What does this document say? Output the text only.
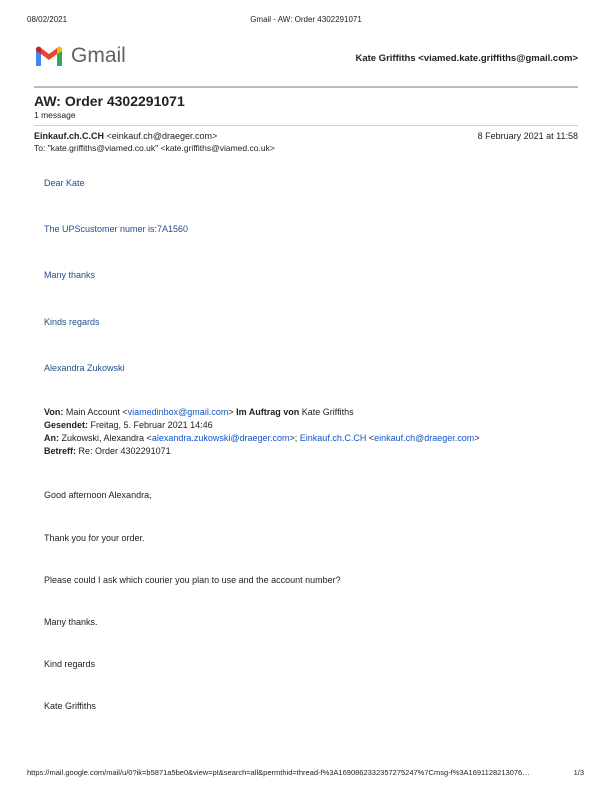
08/02/2021	Gmail - AW: Order 4302291071
Gmail	Kate Griffiths <viamed.kate.griffiths@gmail.com>
AW: Order 4302291071
1 message
Einkauf.ch.C.CH <einkauf.ch@draeger.com>	8 February 2021 at 11:58
To: "kate.griffiths@viamed.co.uk" <kate.griffiths@viamed.co.uk>
Dear Kate
The UPScustomer numer is:7A1560
Many thanks
Kinds regards
Alexandra Zukowski
Von: Main Account <viamedinbox@gmail.com> Im Auftrag von Kate Griffiths
Gesendet: Freitag, 5. Februar 2021 14:46
An: Zukowski, Alexandra <alexandra.zukowski@draeger.com>; Einkauf.ch.C.CH <einkauf.ch@draeger.com>
Betreff: Re: Order 4302291071
Good afternoon Alexandra,
Thank you for your order.
Please could I ask which courier you plan to use and the account number?
Many thanks.
Kind regards
Kate Griffiths
https://mail.google.com/mail/u/0?ik=b5871a5be0&view=pt&search=all&permthid=thread-f%3A1690862332357275247%7Cmsg-f%3A1691128213076…	1/3
